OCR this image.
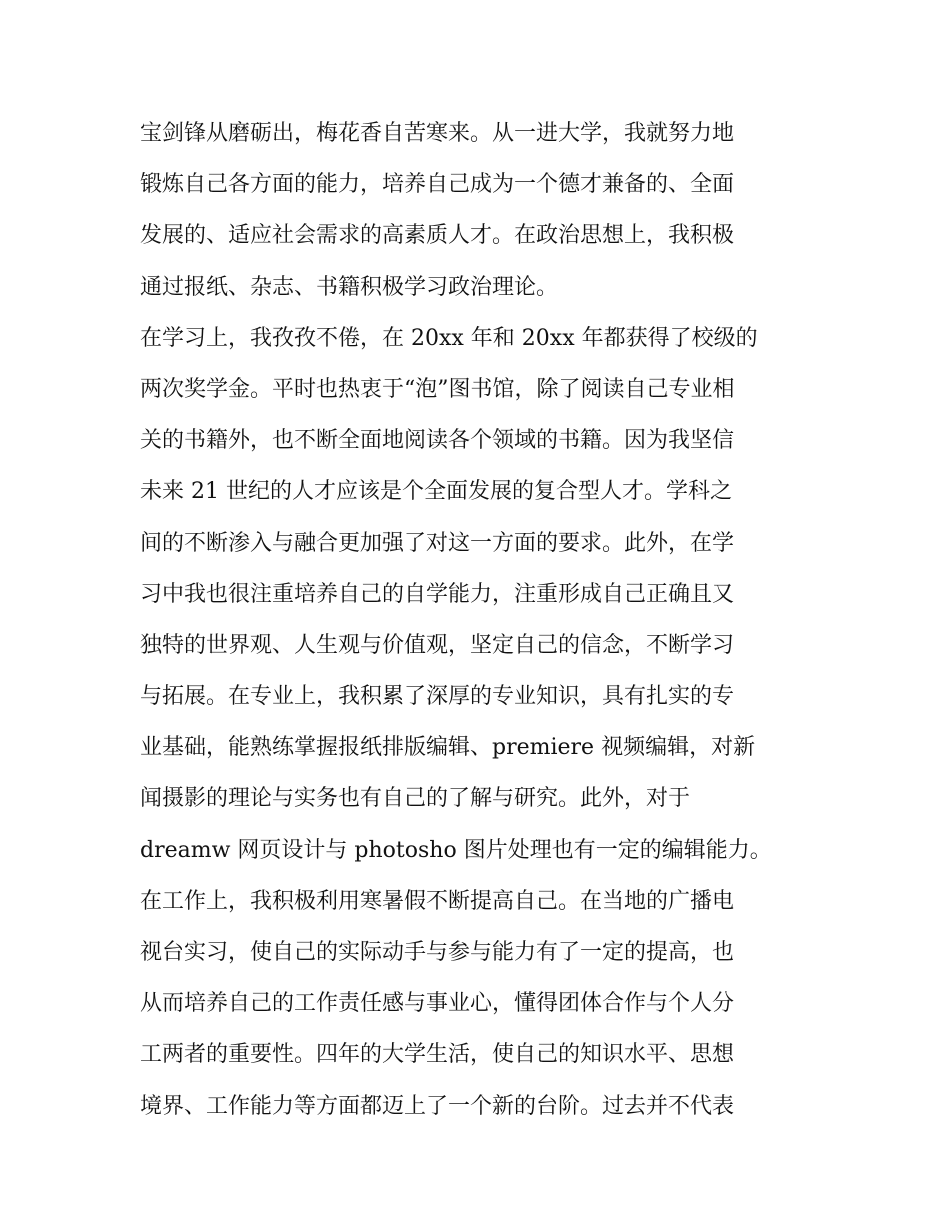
宝剑锋从磨砺出，梅花香自苦寒来。从一进大学，我就努力地

锻炼自己各方面的能力，培养自己成为一个德才兼备的、全面

发展的、适应社会需求的高素质人才。在政治思想上，我积极

通过报纸、杂志、书籍积极学习政治理论。

在学习上，我孜孜不倦，在 20xx 年和 20xx 年都获得了校级的

两次奖学金。平时也热衷于“泡”图书馆，除了阅读自己专业相

关的书籍外，也不断全面地阅读各个领域的书籍。因为我坚信

未来 21 世纪的人才应该是个全面发展的复合型人才。学科之

间的不断渗入与融合更加强了对这一方面的要求。此外，在学

习中我也很注重培养自己的自学能力，注重形成自己正确且又

独特的世界观、人生观与价值观，坚定自己的信念，不断学习

与拓展。在专业上，我积累了深厚的专业知识，具有扎实的专

业基础，能熟练掌握报纸排版编辑、premiere 视频编辑，对新

闻摄影的理论与实务也有自己的了解与研究。此外，对于

dreamw 网页设计与 photosho 图片处理也有一定的编辑能力。

在工作上，我积极利用寒暑假不断提高自己。在当地的广播电

视台实习，使自己的实际动手与参与能力有了一定的提高，也

从而培养自己的工作责任感与事业心，懂得团体合作与个人分

工两者的重要性。四年的大学生活，使自己的知识水平、思想

境界、工作能力等方面都迈上了一个新的台阶。过去并不代表
